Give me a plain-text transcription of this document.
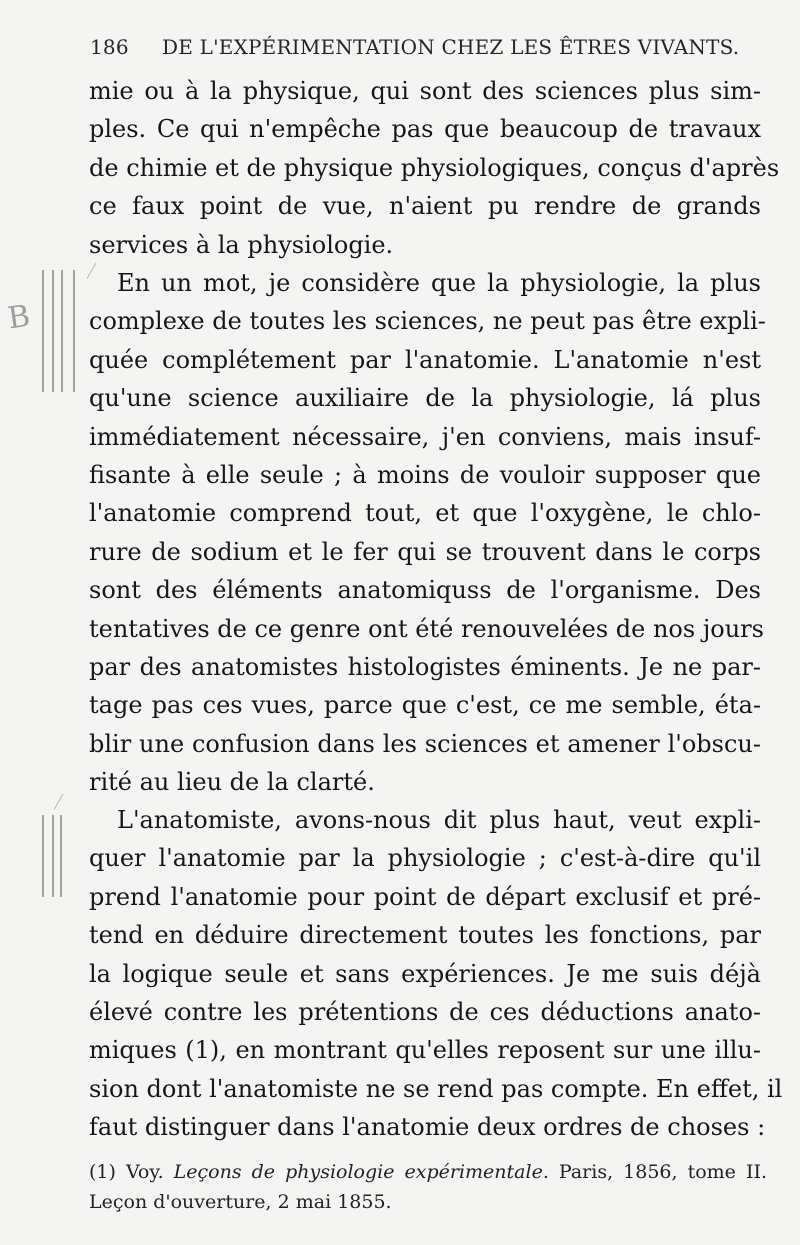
186 DE L'EXPÉRIMENTATION CHEZ LES ÊTRES VIVANTS.
mie ou à la physique, qui sont des sciences plus sim-
ples. Ce qui n'empêche pas que beaucoup de travaux
de chimie et de physique physiologiques, conçus d'après
ce faux point de vue, n'aient pu rendre de grands
services à la physiologie.
En un mot, je considère que la physiologie, la plus
complexe de toutes les sciences, ne peut pas être expli-
quée complétement par l'anatomie. L'anatomie n'est
qu'une science auxiliaire de la physiologie, lá plus
immédiatement nécessaire, j'en conviens, mais insuf-
fisante à elle seule ; à moins de vouloir supposer que
l'anatomie comprend tout, et que l'oxygène, le chlo-
rure de sodium et le fer qui se trouvent dans le corps
sont des éléments anatomiquss de l'organisme. Des
tentatives de ce genre ont été renouvelées de nos jours
par des anatomistes histologistes éminents. Je ne par-
tage pas ces vues, parce que c'est, ce me semble, éta-
blir une confusion dans les sciences et amener l'obscu-
rité au lieu de la clarté.
L'anatomiste, avons-nous dit plus haut, veut expli-
quer l'anatomie par la physiologie ; c'est-à-dire qu'il
prend l'anatomie pour point de départ exclusif et pré-
tend en déduire directement toutes les fonctions, par
la logique seule et sans expériences. Je me suis déjà
élevé contre les prétentions de ces déductions anato-
miques (1), en montrant qu'elles reposent sur une illu-
sion dont l'anatomiste ne se rend pas compte. En effet, il
faut distinguer dans l'anatomie deux ordres de choses :
(1) Voy. Leçons de physiologie expérimentale. Paris, 1856, tome II.
Leçon d'ouverture, 2 mai 1855.
B
